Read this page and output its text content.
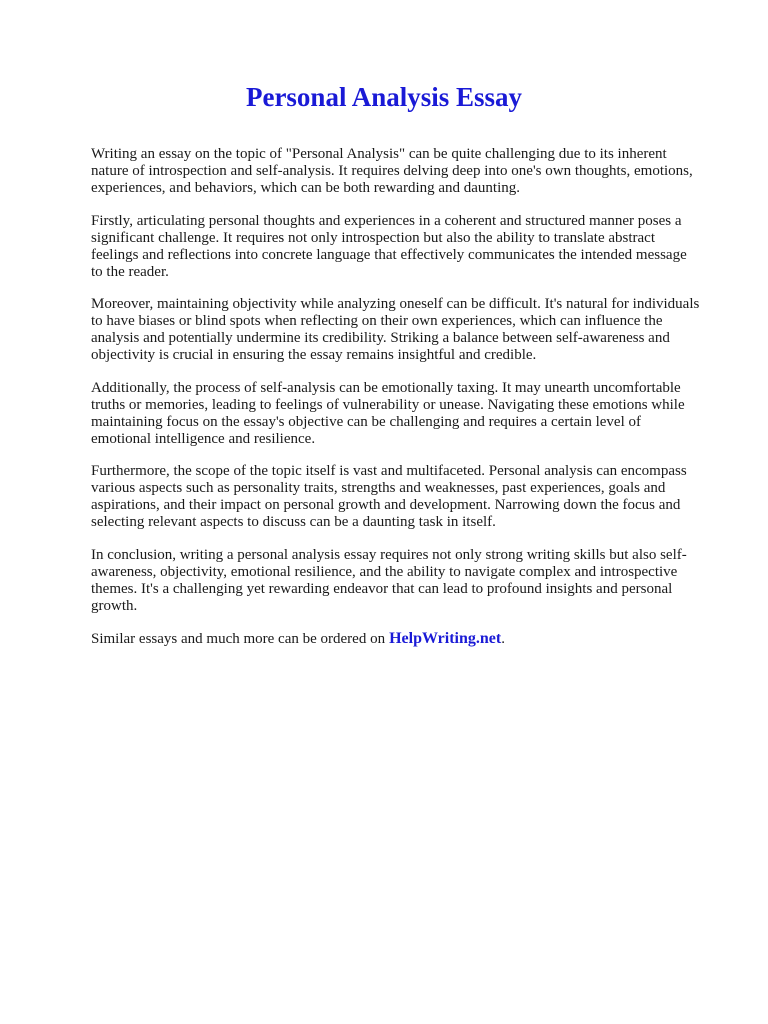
Personal Analysis Essay

Writing an essay on the topic of "Personal Analysis" can be quite challenging due to its inherent
nature of introspection and self-analysis. It requires delving deep into one's own thoughts, emotions,
experiences, and behaviors, which can be both rewarding and daunting.

Firstly, articulating personal thoughts and experiences in a coherent and structured manner poses a
significant challenge. It requires not only introspection but also the ability to translate abstract
feelings and reflections into concrete language that effectively communicates the intended message
to the reader.

Moreover, maintaining objectivity while analyzing oneself can be difficult. It's natural for individuals
to have biases or blind spots when reflecting on their own experiences, which can influence the
analysis and potentially undermine its credibility. Striking a balance between self-awareness and
objectivity is crucial in ensuring the essay remains insightful and credible.

Additionally, the process of self-analysis can be emotionally taxing. It may unearth uncomfortable
truths or memories, leading to feelings of vulnerability or unease. Navigating these emotions while
maintaining focus on the essay's objective can be challenging and requires a certain level of
emotional intelligence and resilience.

Furthermore, the scope of the topic itself is vast and multifaceted. Personal analysis can encompass
various aspects such as personality traits, strengths and weaknesses, past experiences, goals and
aspirations, and their impact on personal growth and development. Narrowing down the focus and
selecting relevant aspects to discuss can be a daunting task in itself.

In conclusion, writing a personal analysis essay requires not only strong writing skills but also self-
awareness, objectivity, emotional resilience, and the ability to navigate complex and introspective
themes. It's a challenging yet rewarding endeavor that can lead to profound insights and personal
growth.

Similar essays and much more can be ordered on HelpWriting.net.
